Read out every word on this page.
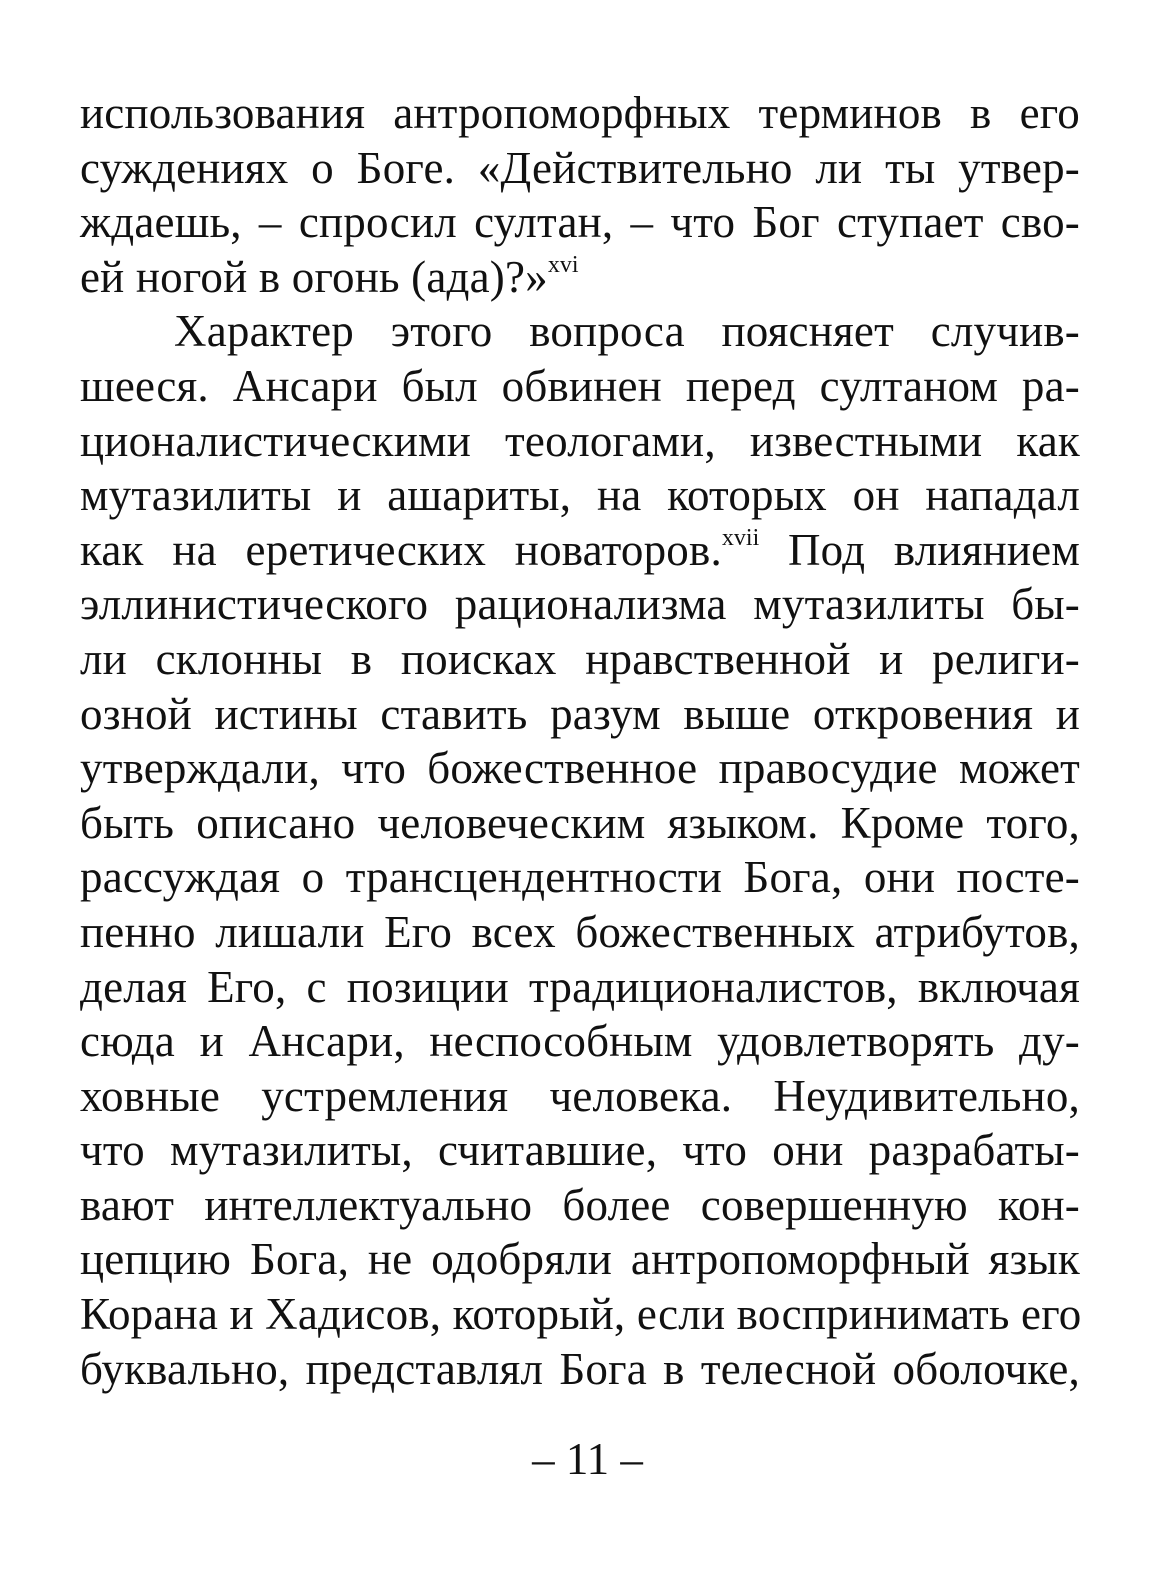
использования антропоморфных терминов в его
суждениях о Боге. «Действительно ли ты утвер-
ждаешь, – спросил султан, – что Бог ступает сво-
ей ногой в огонь (ада)?»$^{xvi}$
Характер этого вопроса поясняет случив-
шееся. Ансари был обвинен перед султаном ра-
ционалистическими теологами, известными как
мутазилиты и ашариты, на которых он нападал
как на еретических новаторов.$^{xvii}$ Под влиянием
эллинистического рационализма мутазилиты бы-
ли склонны в поисках нравственной и религи-
озной истины ставить разум выше откровения и
утверждали, что божественное правосудие может
быть описано человеческим языком. Кроме того,
рассуждая о трансцендентности Бога, они посте-
пенно лишали Его всех божественных атрибутов,
делая Его, с позиции традиционалистов, включая
сюда и Ансари, неспособным удовлетворять ду-
ховные устремления человека. Неудивительно,
что мутазилиты, считавшие, что они разрабаты-
вают интеллектуально более совершенную кон-
цепцию Бога, не одобряли антропоморфный язык
Корана и Хадисов, который, если воспринимать его
буквально, представлял Бога в телесной оболочке,
– 11 –
